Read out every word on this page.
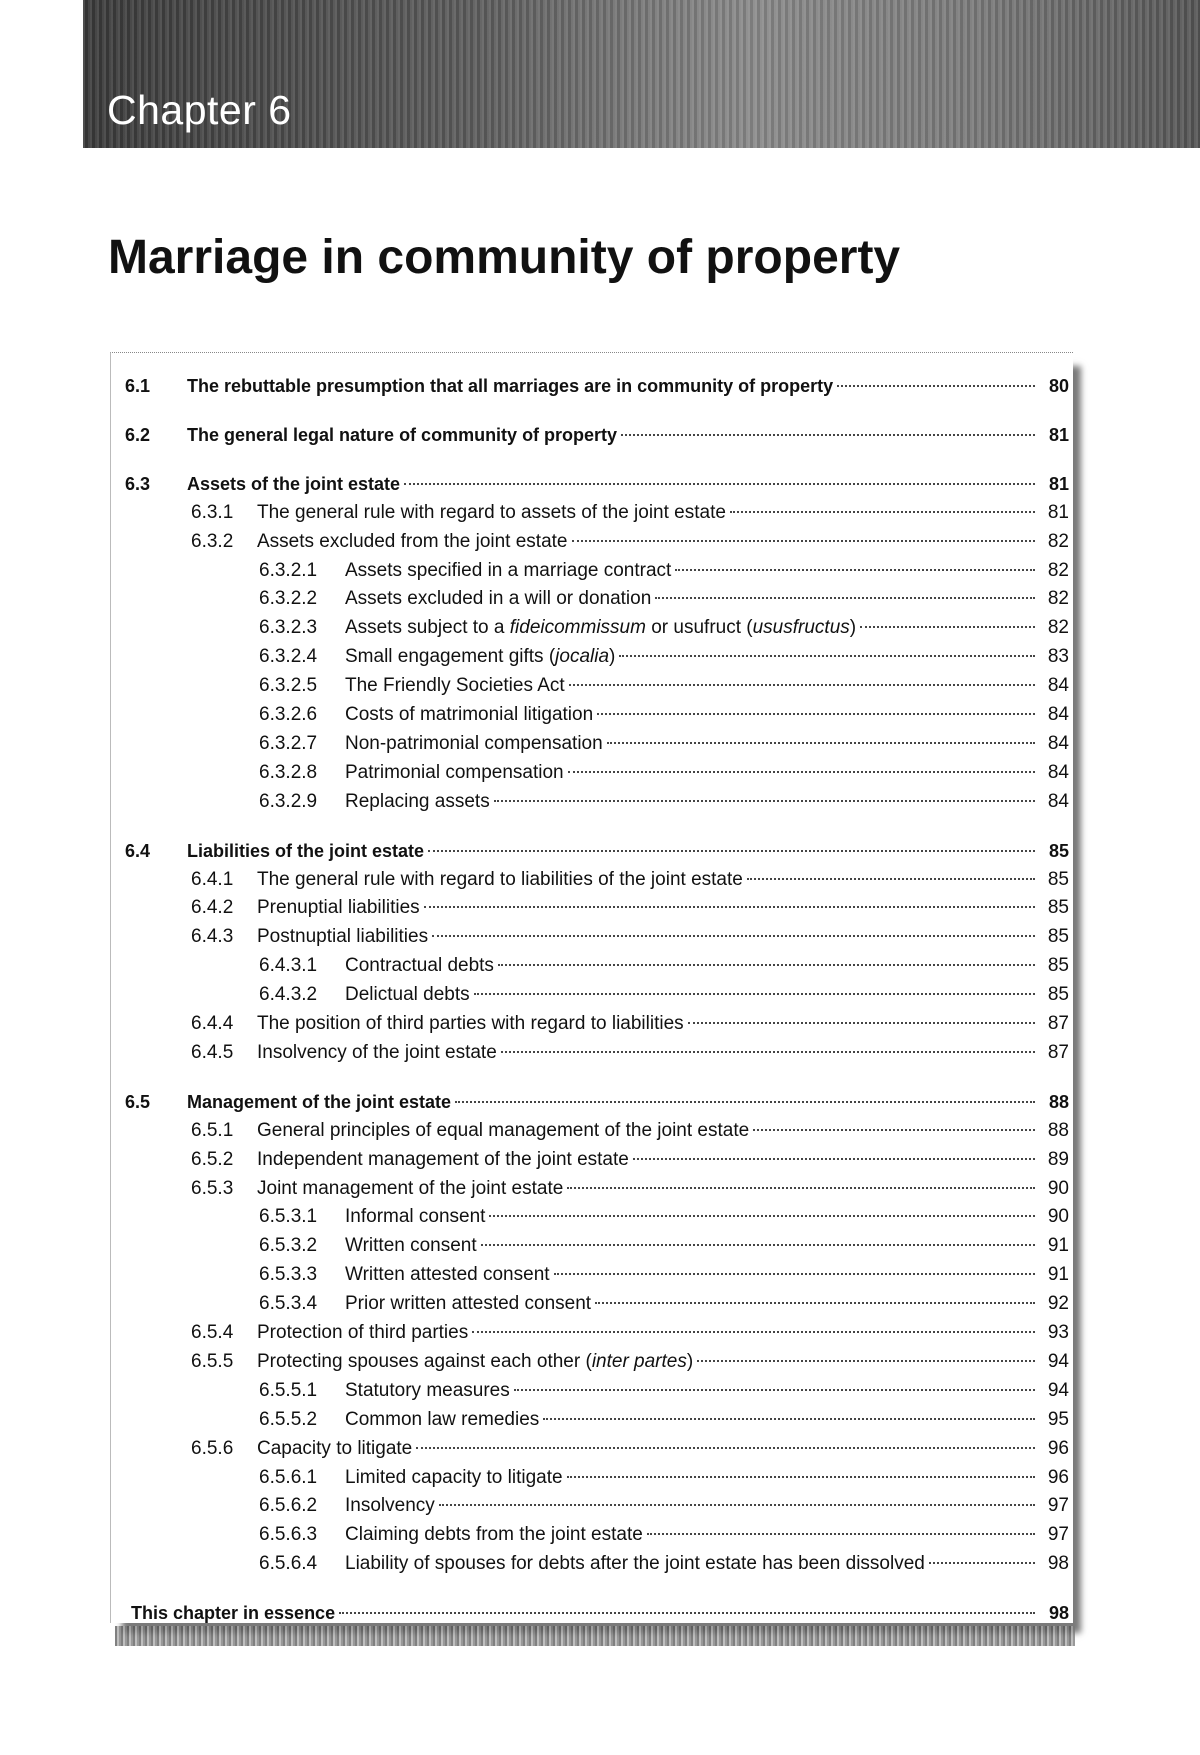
Chapter 6
Marriage in community of property
6.1 The rebuttable presumption that all marriages are in community of property	80
6.2 The general legal nature of community of property	81
6.3 Assets of the joint estate	81
6.3.1 The general rule with regard to assets of the joint estate	81
6.3.2 Assets excluded from the joint estate	82
6.3.2.1 Assets specified in a marriage contract	82
6.3.2.2 Assets excluded in a will or donation	82
6.3.2.3 Assets subject to a fideicommissum or usufruct (ususfructus)	82
6.3.2.4 Small engagement gifts (jocalia)	83
6.3.2.5 The Friendly Societies Act	84
6.3.2.6 Costs of matrimonial litigation	84
6.3.2.7 Non-patrimonial compensation	84
6.3.2.8 Patrimonial compensation	84
6.3.2.9 Replacing assets	84
6.4 Liabilities of the joint estate	85
6.4.1 The general rule with regard to liabilities of the joint estate	85
6.4.2 Prenuptial liabilities	85
6.4.3 Postnuptial liabilities	85
6.4.3.1 Contractual debts	85
6.4.3.2 Delictual debts	85
6.4.4 The position of third parties with regard to liabilities	87
6.4.5 Insolvency of the joint estate	87
6.5 Management of the joint estate	88
6.5.1 General principles of equal management of the joint estate	88
6.5.2 Independent management of the joint estate	89
6.5.3 Joint management of the joint estate	90
6.5.3.1 Informal consent	90
6.5.3.2 Written consent	91
6.5.3.3 Written attested consent	91
6.5.3.4 Prior written attested consent	92
6.5.4 Protection of third parties	93
6.5.5 Protecting spouses against each other (inter partes)	94
6.5.5.1 Statutory measures	94
6.5.5.2 Common law remedies	95
6.5.6 Capacity to litigate	96
6.5.6.1 Limited capacity to litigate	96
6.5.6.2 Insolvency	97
6.5.6.3 Claiming debts from the joint estate	97
6.5.6.4 Liability of spouses for debts after the joint estate has been dissolved	98
This chapter in essence	98
